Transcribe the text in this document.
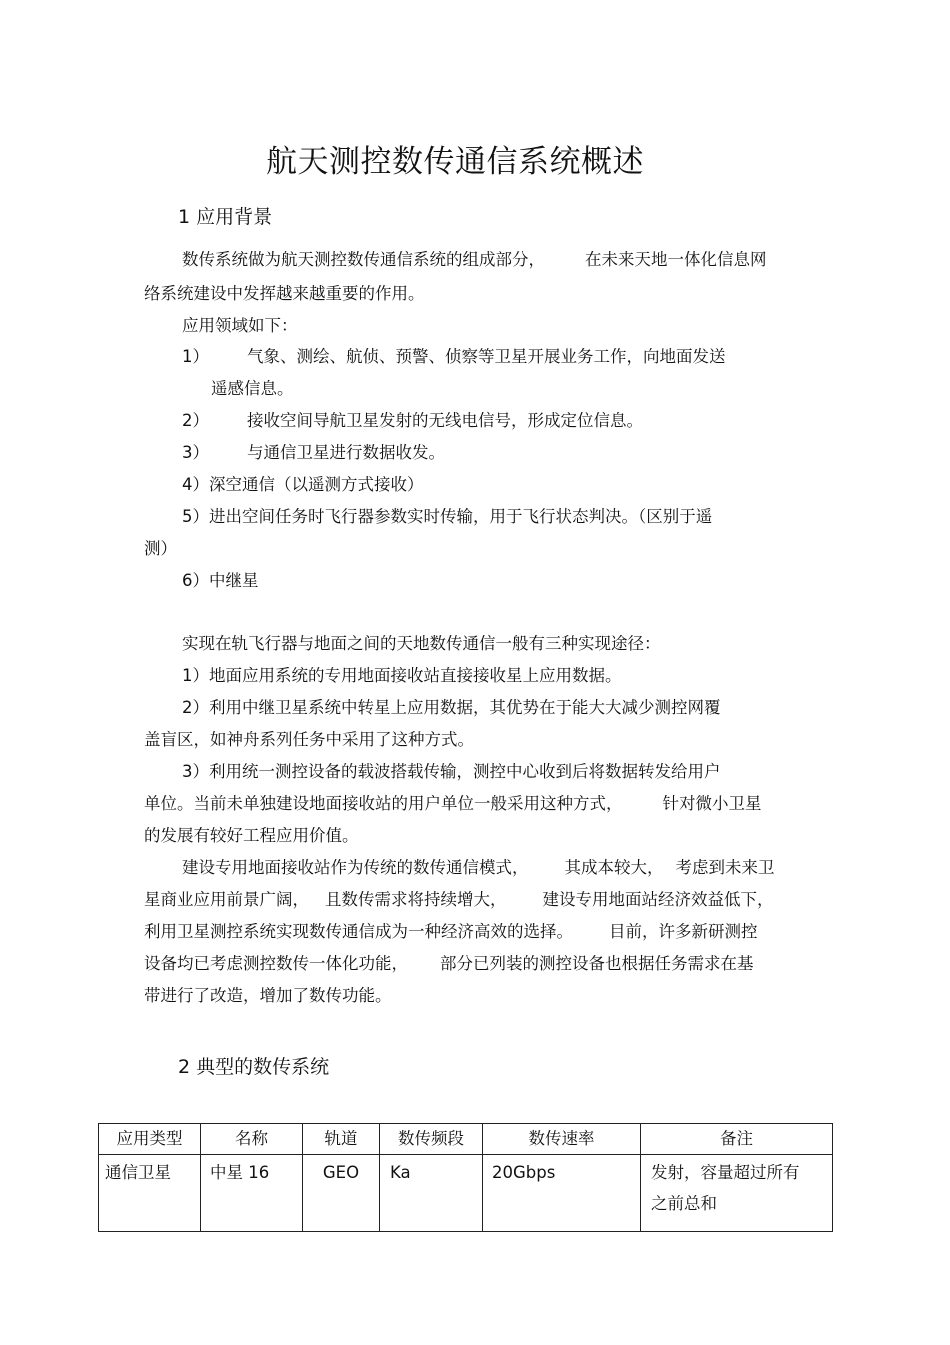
航天测控数传通信系统概述
1 应用背景
数传系统做为航天测控数传通信系统的组成部分， 在未来天地一体化信息网
络系统建设中发挥越来越重要的作用。
应用领域如下：
1） 气象、测绘、航侦、预警、侦察等卫星开展业务工作，向地面发送
遥感信息。
2） 接收空间导航卫星发射的无线电信号，形成定位信息。
3） 与通信卫星进行数据收发。
4）深空通信（以遥测方式接收）
5）进出空间任务时飞行器参数实时传输，用于飞行状态判决。（区别于遥
测）
6）中继星
实现在轨飞行器与地面之间的天地数传通信一般有三种实现途径：
1）地面应用系统的专用地面接收站直接接收星上应用数据。
2）利用中继卫星系统中转星上应用数据，其优势在于能大大减少测控网覆
盖盲区，如神舟系列任务中采用了这种方式。
3）利用统一测控设备的载波搭载传输，测控中心收到后将数据转发给用户
单位。当前未单独建设地面接收站的用户单位一般采用这种方式， 针对微小卫星
的发展有较好工程应用价值。
建设专用地面接收站作为传统的数传通信模式， 其成本较大， 考虑到未来卫
星商业应用前景广阔， 且数传需求将持续增大， 建设专用地面站经济效益低下，
利用卫星测控系统实现数传通信成为一种经济高效的选择。 目前，许多新研测控
设备均已考虑测控数传一体化功能， 部分已列装的测控设备也根据任务需求在基
带进行了改造，增加了数传功能。
2 典型的数传系统
应用类型	名称	轨道	数传频段	数传速率	备注
通信卫星	中星 16	GEO	Ka	20Gbps	发射，容量超过所有
之前总和
